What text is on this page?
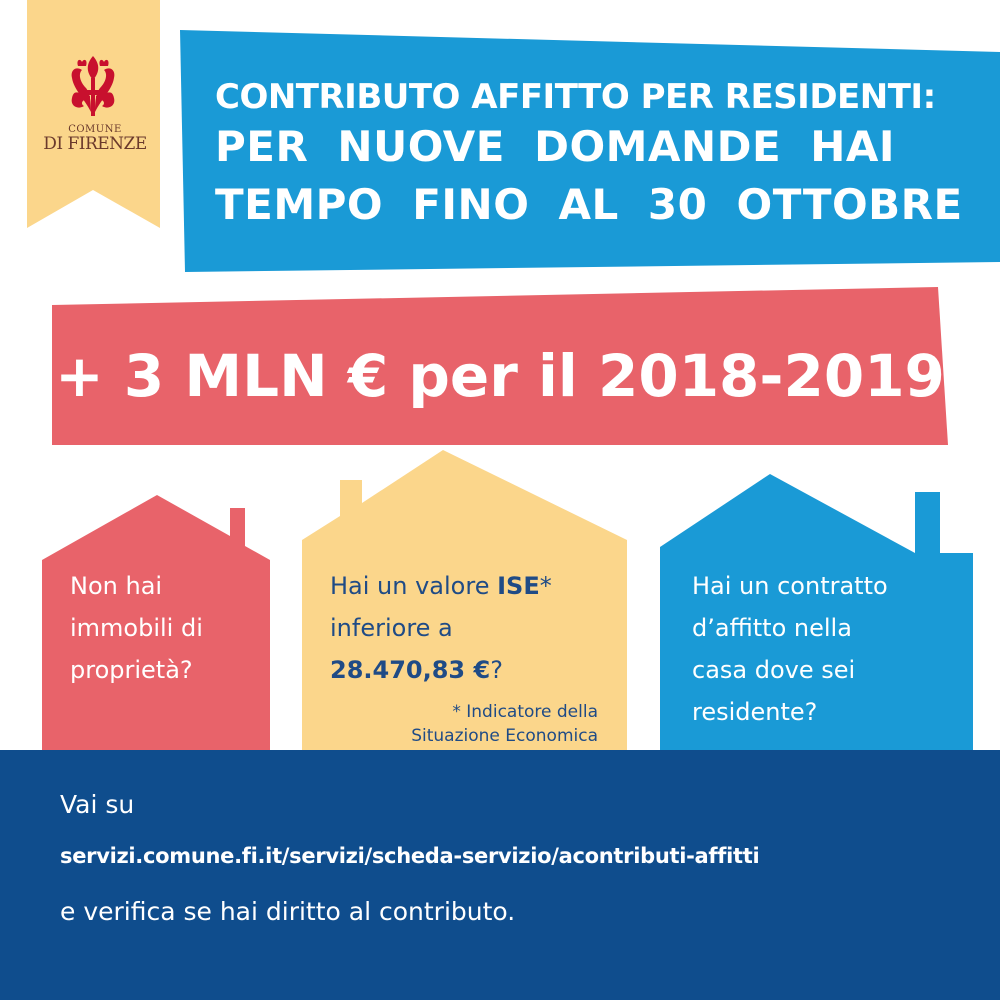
COMUNE
DI FIRENZE
CONTRIBUTO AFFITTO PER RESIDENTI:
PER NUOVE DOMANDE HAI
TEMPO FINO AL 30 OTTOBRE
+ 3 MLN € per il 2018-2019
Non hai
immobili di
proprietà?
Hai un valore ISE*
inferiore a
28.470,83 €?
* Indicatore della
Situazione Economica
Hai un contratto
d’affitto nella
casa dove sei
residente?
Vai su
servizi.comune.fi.it/servizi/scheda-servizio/acontributi-affitti
e verifica se hai diritto al contributo.
